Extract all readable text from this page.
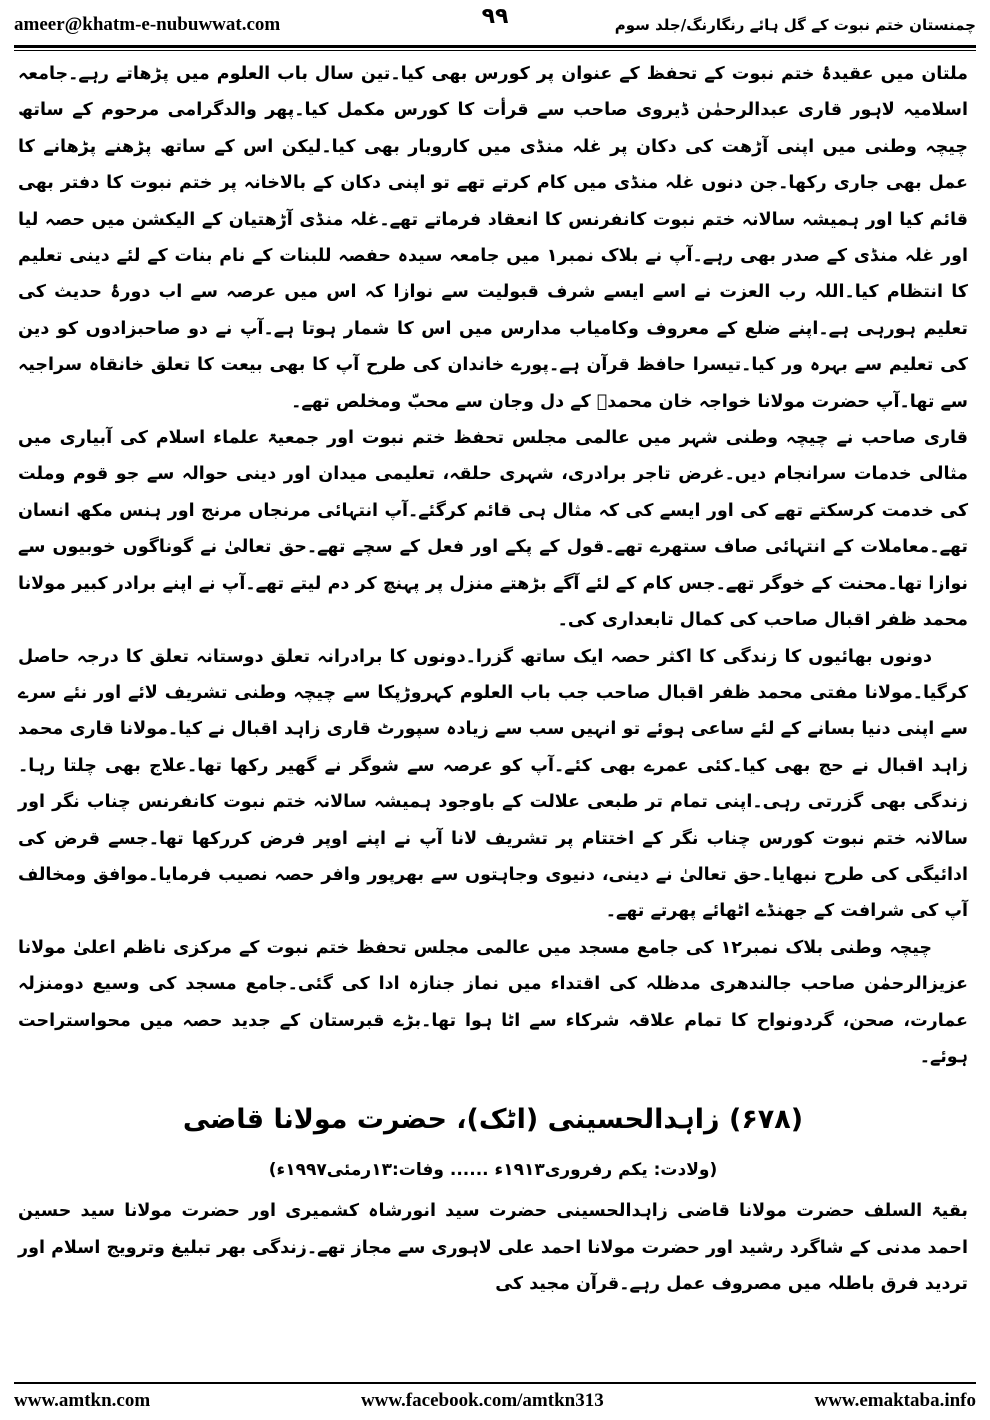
ameer@khatm-e-nubuwwat.com	چمنستان ختم نبوت کے گل ہائے رنگارنگ/جلد سوم
۹۹

ملتان میں عقیدۂ ختم نبوت کے تحفظ کے عنوان پر کورس بھی کیا۔تین سال باب العلوم میں پڑھاتے رہے۔جامعہ اسلامیہ لاہور قاری عبدالرحمٰن ڈیروی صاحب سے قرأت کا کورس مکمل کیا۔پھر والدگرامی مرحوم کے ساتھ چیچہ وطنی میں اپنی آڑھت کی دکان پر غلہ منڈی میں کاروبار بھی کیا۔لیکن اس کے ساتھ پڑھنے پڑھانے کا عمل بھی جاری رکھا۔جن دنوں غلہ منڈی میں کام کرتے تھے تو اپنی دکان کے بالاخانہ پر ختم نبوت کا دفتر بھی قائم کیا اور ہمیشہ سالانہ ختم نبوت کانفرنس کا انعقاد فرماتے تھے۔غلہ منڈی آڑھتیان کے الیکشن میں حصہ لیا اور غلہ منڈی کے صدر بھی رہے۔آپ نے بلاک نمبر۱ میں جامعہ سیدہ حفصہ للبنات کے نام بنات کے لئے دینی تعلیم کا انتظام کیا۔اللہ رب العزت نے اسے ایسے شرف قبولیت سے نوازا کہ اس میں عرصہ سے اب دورۂ حدیث کی تعلیم ہورہی ہے۔اپنے ضلع کے معروف وکامیاب مدارس میں اس کا شمار ہوتا ہے۔آپ نے دو صاحبزادوں کو دین کی تعلیم سے بہرہ ور کیا۔تیسرا حافظ قرآن ہے۔پورے خاندان کی طرح آپ کا بھی بیعت کا تعلق خانقاہ سراجیہ سے تھا۔آپ حضرت مولانا خواجہ خان محمدؒ کے دل وجان سے محبّ ومخلص تھے۔

قاری صاحب نے چیچہ وطنی شہر میں عالمی مجلس تحفظ ختم نبوت اور جمعیۃ علماء اسلام کی آبیاری میں مثالی خدمات سرانجام دیں۔غرض تاجر برادری، شہری حلقہ، تعلیمی میدان اور دینی حوالہ سے جو قوم وملت کی خدمت کرسکتے تھے کی اور ایسے کی کہ مثال ہی قائم کرگئے۔آپ انتہائی مرنجاں مرنج اور ہنس مکھ انسان تھے۔معاملات کے انتہائی صاف ستھرے تھے۔قول کے پکے اور فعل کے سچے تھے۔حق تعالیٰ نے گوناگوں خوبیوں سے نوازا تھا۔محنت کے خوگر تھے۔جس کام کے لئے آگے بڑھتے منزل پر پہنچ کر دم لیتے تھے۔آپ نے اپنے برادر کبیر مولانا محمد ظفر اقبال صاحب کی کمال تابعداری کی۔

دونوں بھائیوں کا زندگی کا اکثر حصہ ایک ساتھ گزرا۔دونوں کا برادرانہ تعلق دوستانہ تعلق کا درجہ حاصل کرگیا۔مولانا مفتی محمد ظفر اقبال صاحب جب باب العلوم کہروڑپکا سے چیچہ وطنی تشریف لائے اور نئے سرے سے اپنی دنیا بسانے کے لئے ساعی ہوئے تو انہیں سب سے زیادہ سپورٹ قاری زاہد اقبال نے کیا۔مولانا قاری محمد زاہد اقبال نے حج بھی کیا۔کئی عمرے بھی کئے۔آپ کو عرصہ سے شوگر نے گھیر رکھا تھا۔علاج بھی چلتا رہا۔زندگی بھی گزرتی رہی۔اپنی تمام تر طبعی علالت کے باوجود ہمیشہ سالانہ ختم نبوت کانفرنس چناب نگر اور سالانہ ختم نبوت کورس چناب نگر کے اختتام پر تشریف لانا آپ نے اپنے اوپر فرض کررکھا تھا۔جسے قرض کی ادائیگی کی طرح نبھایا۔حق تعالیٰ نے دینی، دنیوی وجاہتوں سے بھرپور وافر حصہ نصیب فرمایا۔موافق ومخالف آپ کی شرافت کے جھنڈے اٹھائے پھرتے تھے۔

چیچہ وطنی بلاک نمبر۱۲ کی جامع مسجد میں عالمی مجلس تحفظ ختم نبوت کے مرکزی ناظم اعلیٰ مولانا عزیزالرحمٰن صاحب جالندھری مدظلہ کی اقتداء میں نماز جنازہ ادا کی گئی۔جامع مسجد کی وسیع دومنزلہ عمارت، صحن، گردونواح کا تمام علاقہ شرکاء سے اٹا ہوا تھا۔بڑے قبرستان کے جدید حصہ میں محواستراحت ہوئے۔

(۶۷۸) زاہدالحسینی (اٹک)، حضرت مولانا قاضی
(ولادت: یکم رفروری۱۹۱۳ء ...... وفات:۱۳رمئی۱۹۹۷ء)

بقیۃ السلف حضرت مولانا قاضی زاہدالحسینی حضرت سید انورشاہ کشمیری اور حضرت مولانا سید حسین احمد مدنی کے شاگرد رشید اور حضرت مولانا احمد علی لاہوری سے مجاز تھے۔زندگی بھر تبلیغ وترویج اسلام اور تردید فرق باطلہ میں مصروف عمل رہے۔قرآن مجید کی

www.amtkn.com	www.facebook.com/amtkn313	www.emaktaba.info
